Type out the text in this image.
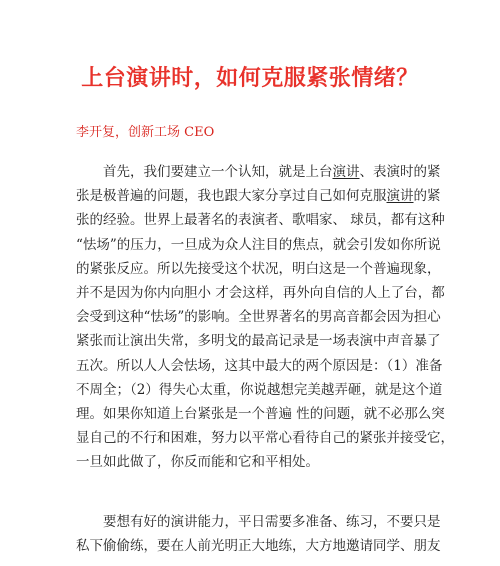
上台演讲时，如何克服紧张情绪？
李开复，创新工场 CEO
　　首先，我们要建立一个认知，就是上台演讲、表演时的紧
张是极普遍的问题，我也跟大家分享过自己如何克服演讲的紧
张的经验。世界上最著名的表演者、歌唱家、 球员，都有这种
“怯场”的压力，一旦成为众人注目的焦点，就会引发如你所说
的紧张反应。所以先接受这个状况，明白这是一个普遍现象，
并不是因为你内向胆小 才会这样，再外向自信的人上了台，都
会受到这种“怯场”的影响。全世界著名的男高音都会因为担心
紧张而让演出失常，多明戈的最高记录是一场表演中声音暴了
五次。所以人人会怯场，这其中最大的两个原因是：（1）准备
不周全；（2）得失心太重，你说越想完美越弄砸，就是这个道
理。如果你知道上台紧张是一个普遍 性的问题，就不必那么突
显自己的不行和困难，努力以平常心看待自己的紧张并接受它，
一旦如此做了，你反而能和它和平相处。
　　要想有好的演讲能力，平日需要多准备、练习，不要只是
私下偷偷练，要在人前光明正大地练，大方地邀请同学、朋友
